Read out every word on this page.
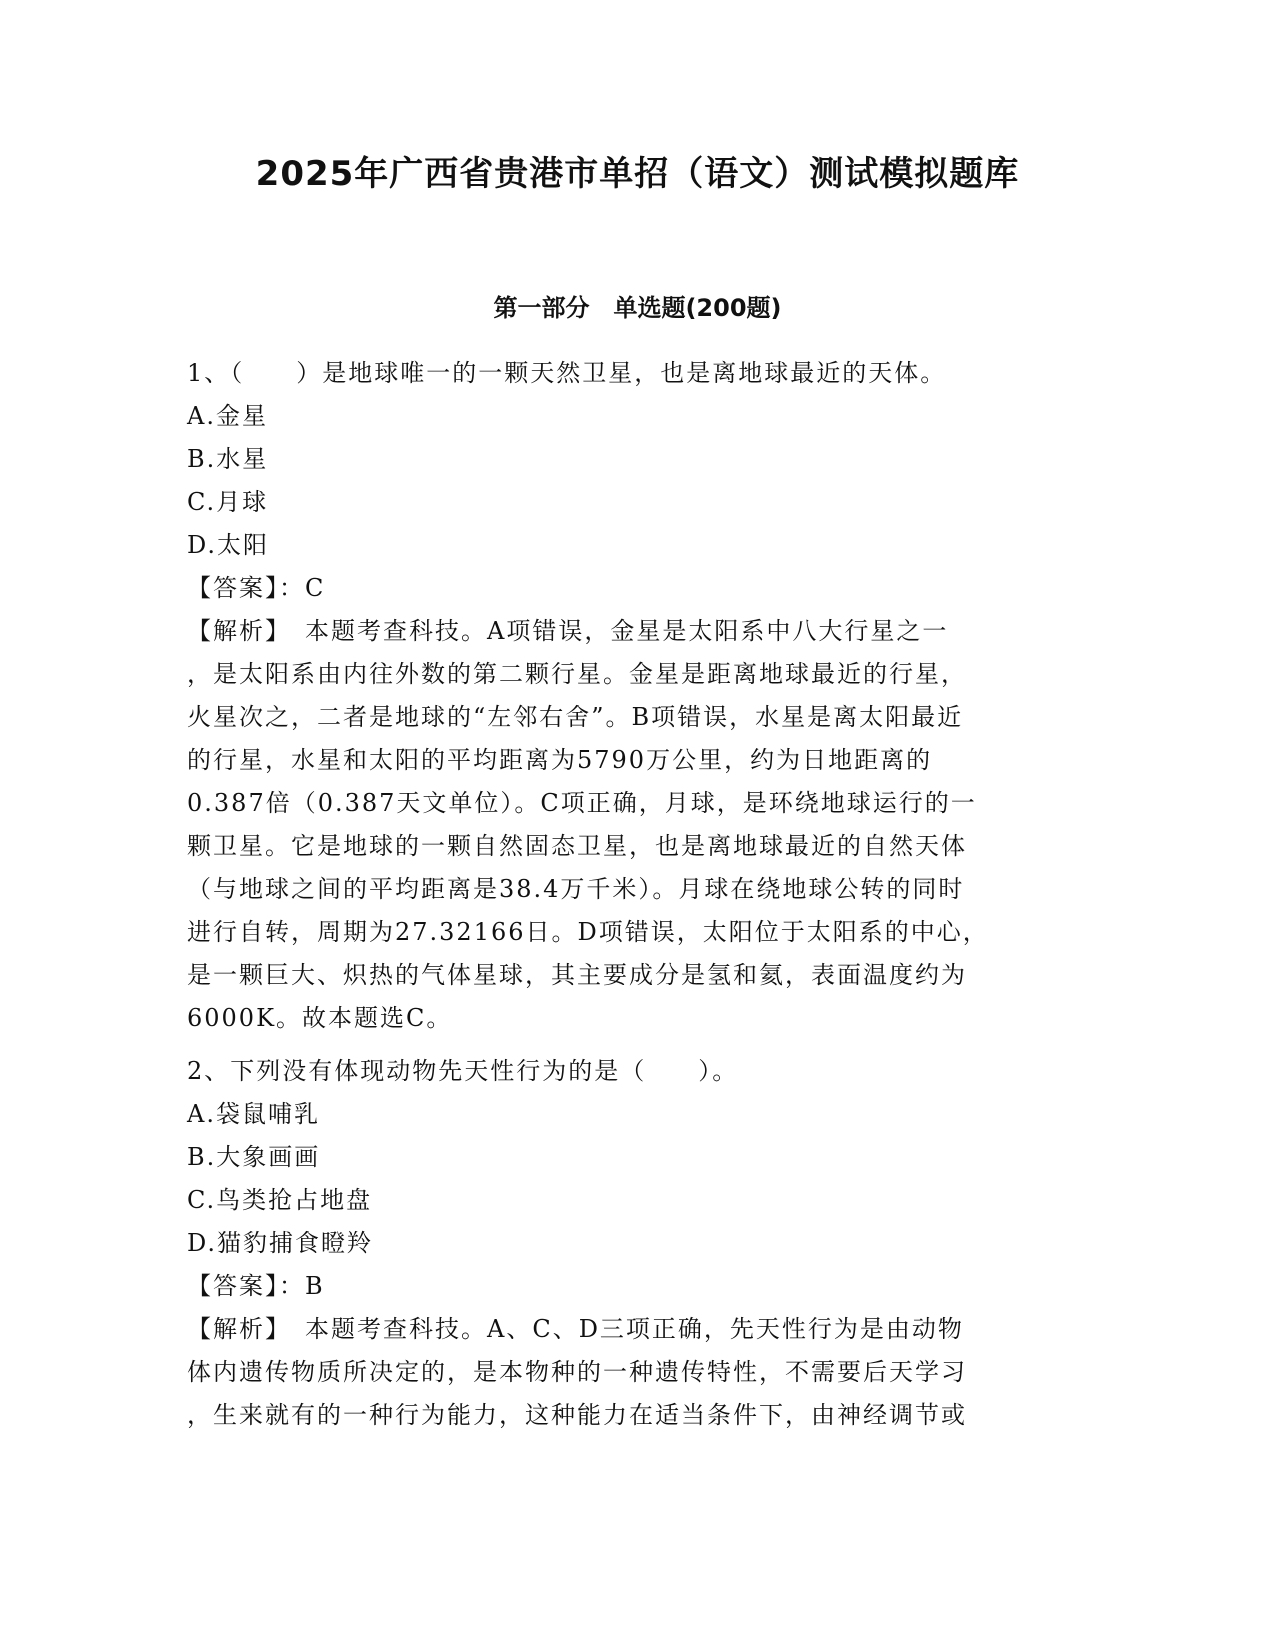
2025年广西省贵港市单招（语文）测试模拟题库
第一部分　单选题(200题)
1、（　　）是地球唯一的一颗天然卫星，也是离地球最近的天体。
A.金星
B.水星
C.月球
D.太阳
【答案】：C
【解析】　本题考查科技。A项错误，金星是太阳系中八大行星之一
，是太阳系由内往外数的第二颗行星。金星是距离地球最近的行星，
火星次之，二者是地球的“左邻右舍”。B项错误，水星是离太阳最近
的行星，水星和太阳的平均距离为5790万公里，约为日地距离的
0.387倍（0.387天文单位）。C项正确，月球，是环绕地球运行的一
颗卫星。它是地球的一颗自然固态卫星，也是离地球最近的自然天体
（与地球之间的平均距离是38.4万千米）。月球在绕地球公转的同时
进行自转，周期为27.32166日。D项错误，太阳位于太阳系的中心，
是一颗巨大、炽热的气体星球，其主要成分是氢和氦，表面温度约为
6000K。故本题选C。
2、下列没有体现动物先天性行为的是（　　）。
A.袋鼠哺乳
B.大象画画
C.鸟类抢占地盘
D.猫豹捕食瞪羚
【答案】：B
【解析】　本题考查科技。A、C、D三项正确，先天性行为是由动物
体内遗传物质所决定的，是本物种的一种遗传特性，不需要后天学习
，生来就有的一种行为能力，这种能力在适当条件下，由神经调节或
